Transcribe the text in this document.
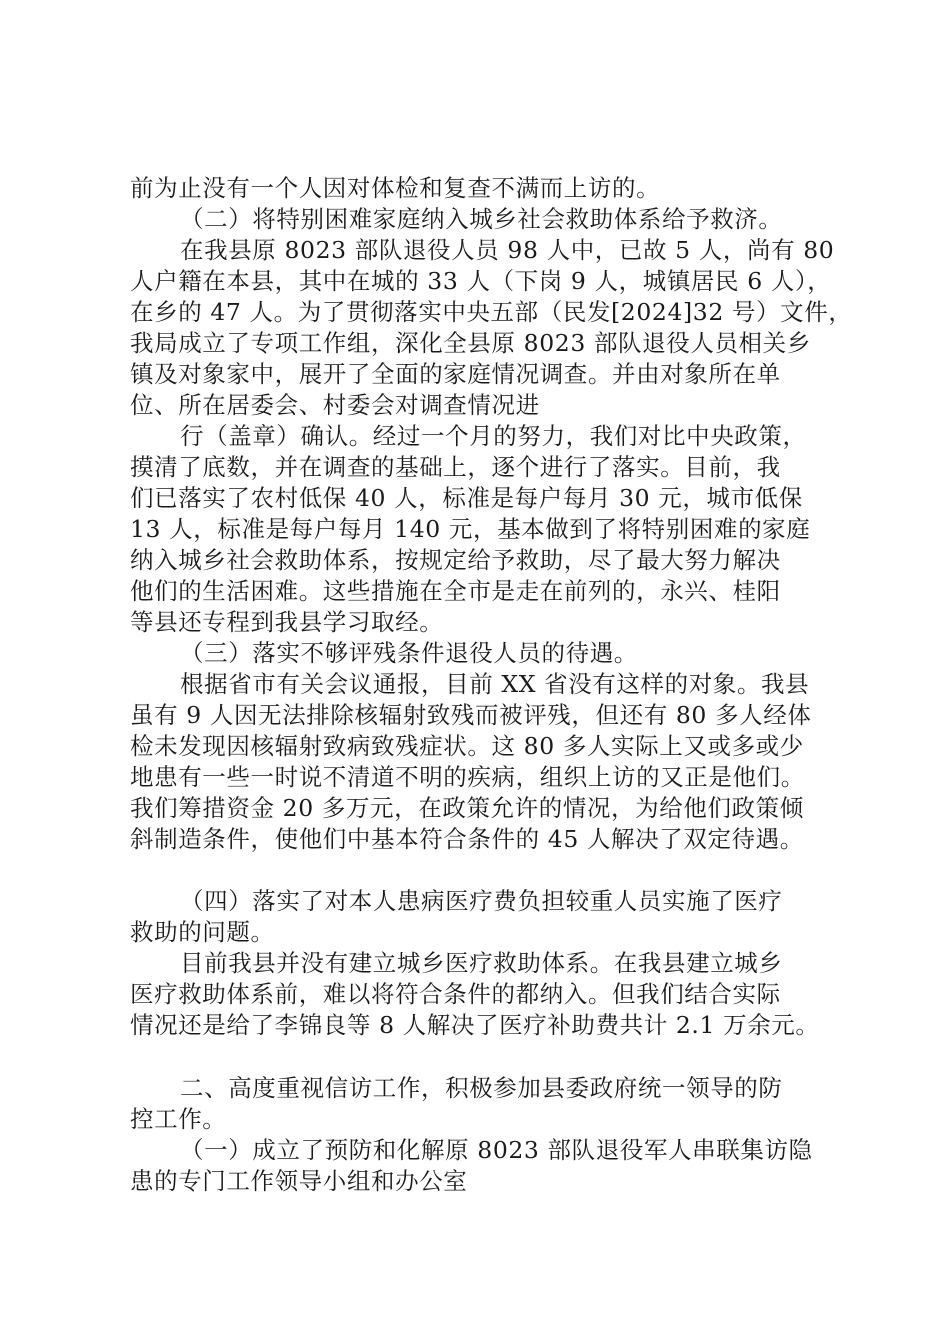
前为止没有一个人因对体检和复查不满而上访的。
（二）将特别困难家庭纳入城乡社会救助体系给予救济。
在我县原 8023 部队退役人员 98 人中，已故 5 人，尚有 80
人户籍在本县，其中在城的 33 人（下岗 9 人，城镇居民 6 人），
在乡的 47 人。为了贯彻落实中央五部（民发[2024]32 号）文件，
我局成立了专项工作组，深化全县原 8023 部队退役人员相关乡
镇及对象家中，展开了全面的家庭情况调查。并由对象所在单
位、所在居委会、村委会对调查情况进
行（盖章）确认。经过一个月的努力，我们对比中央政策，
摸清了底数，并在调查的基础上，逐个进行了落实。目前，我
们已落实了农村低保 40 人，标准是每户每月 30 元，城市低保
13 人，标准是每户每月 140 元，基本做到了将特别困难的家庭
纳入城乡社会救助体系，按规定给予救助，尽了最大努力解决
他们的生活困难。这些措施在全市是走在前列的，永兴、桂阳
等县还专程到我县学习取经。
（三）落实不够评残条件退役人员的待遇。
根据省市有关会议通报，目前 XX 省没有这样的对象。我县
虽有 9 人因无法排除核辐射致残而被评残，但还有 80 多人经体
检未发现因核辐射致病致残症状。这 80 多人实际上又或多或少
地患有一些一时说不清道不明的疾病，组织上访的又正是他们。
我们筹措资金 20 多万元，在政策允许的情况，为给他们政策倾
斜制造条件，使他们中基本符合条件的 45 人解决了双定待遇。
（四）落实了对本人患病医疗费负担较重人员实施了医疗
救助的问题。
目前我县并没有建立城乡医疗救助体系。在我县建立城乡
医疗救助体系前，难以将符合条件的都纳入。但我们结合实际
情况还是给了李锦良等 8 人解决了医疗补助费共计 2.1 万余元。
二、高度重视信访工作，积极参加县委政府统一领导的防
控工作。
（一）成立了预防和化解原 8023 部队退役军人串联集访隐
患的专门工作领导小组和办公室
